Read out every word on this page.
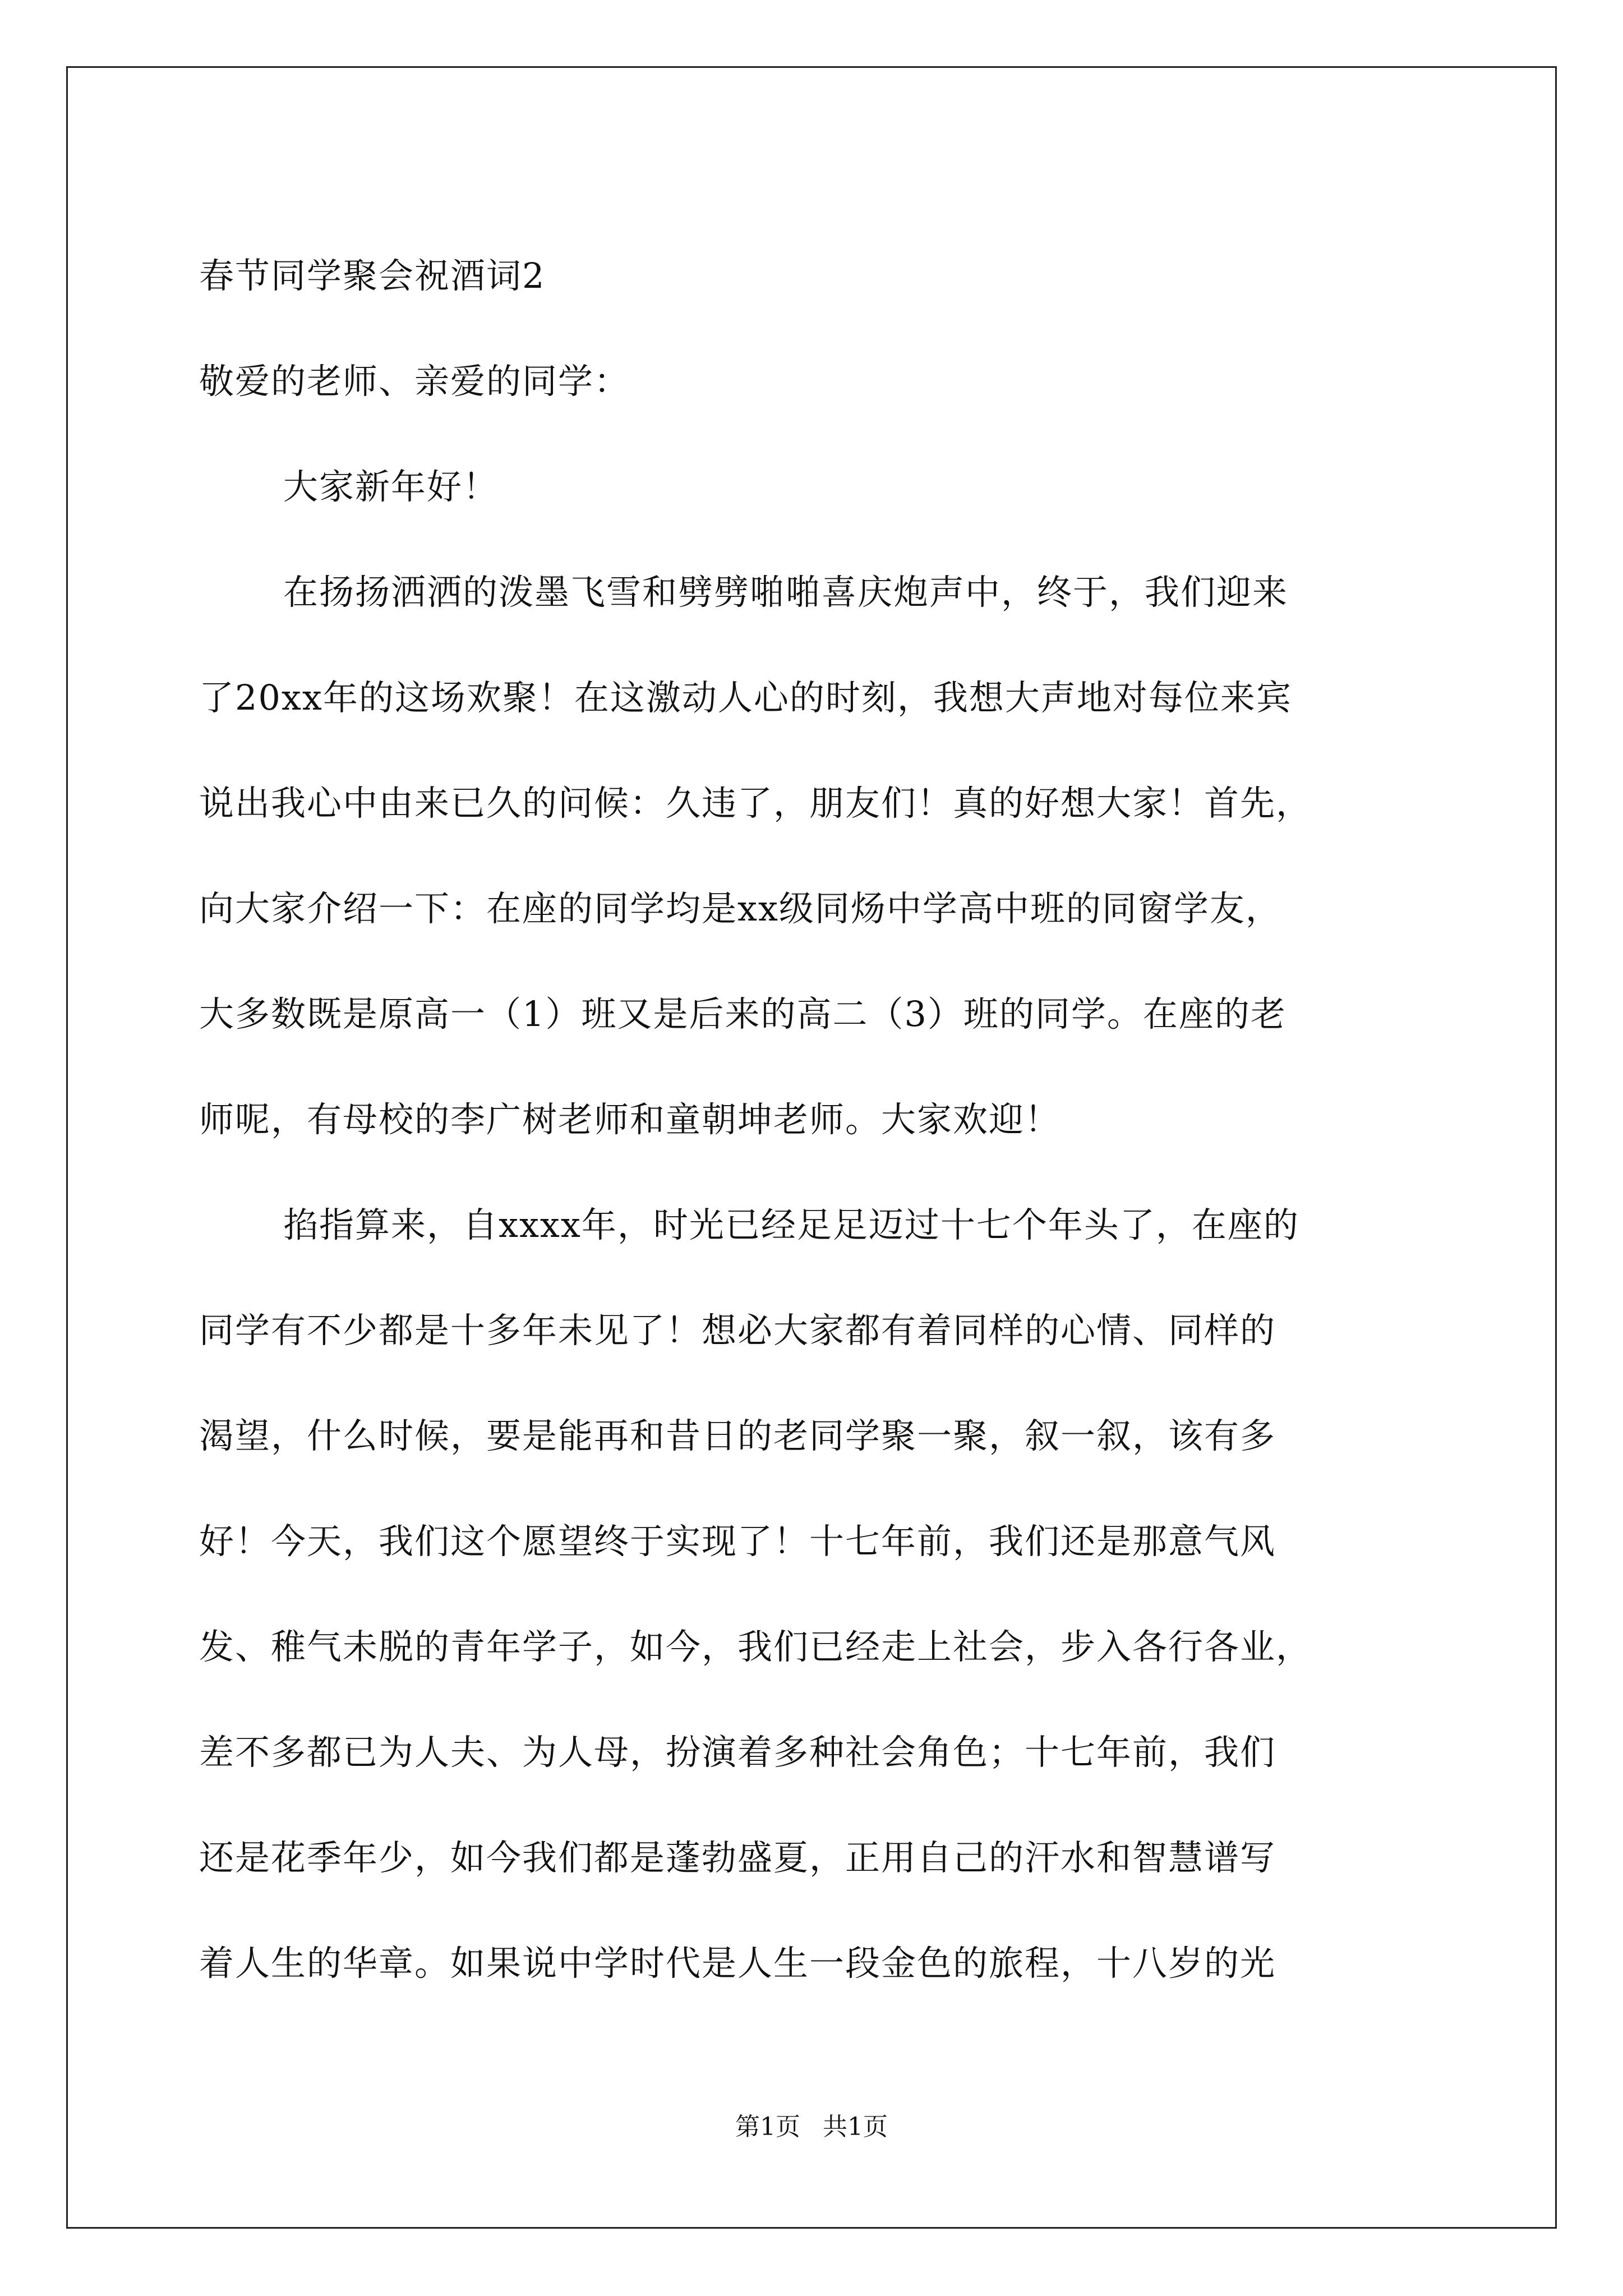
春节同学聚会祝酒词2
敬爱的老师、亲爱的同学：
大家新年好！
在扬扬洒洒的泼墨飞雪和劈劈啪啪喜庆炮声中，终于，我们迎来
了20xx年的这场欢聚！在这激动人心的时刻，我想大声地对每位来宾
说出我心中由来已久的问候：久违了，朋友们！真的好想大家！首先，
向大家介绍一下：在座的同学均是xx级同炀中学高中班的同窗学友，
大多数既是原高一（1）班又是后来的高二（3）班的同学。在座的老
师呢，有母校的李广树老师和童朝坤老师。大家欢迎！
掐指算来，自xxxx年，时光已经足足迈过十七个年头了，在座的
同学有不少都是十多年未见了！想必大家都有着同样的心情、同样的
渴望，什么时候，要是能再和昔日的老同学聚一聚，叙一叙，该有多
好！今天，我们这个愿望终于实现了！十七年前，我们还是那意气风
发、稚气未脱的青年学子，如今，我们已经走上社会，步入各行各业，
差不多都已为人夫、为人母，扮演着多种社会角色；十七年前，我们
还是花季年少，如今我们都是蓬勃盛夏，正用自己的汗水和智慧谱写
着人生的华章。如果说中学时代是人生一段金色的旅程，十八岁的光
第1页 共1页
